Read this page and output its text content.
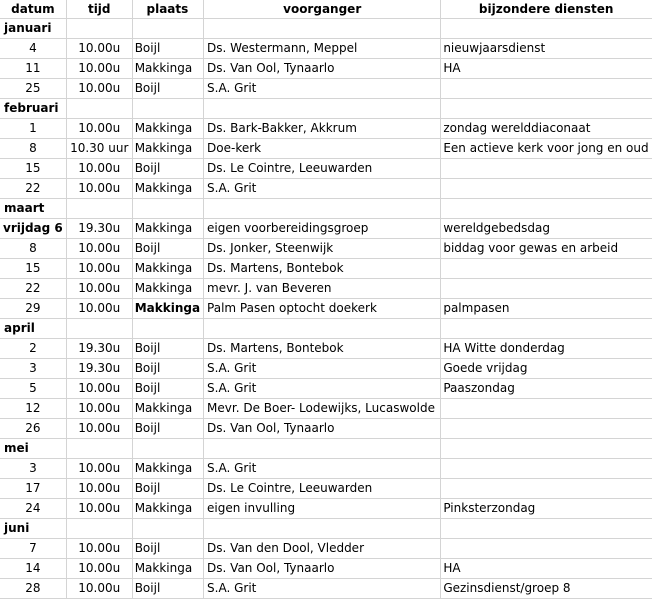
datum	tijd	plaats	voorganger	bijzondere diensten
januari				
4	10.00u	Boijl	Ds. Westermann, Meppel	nieuwjaarsdienst
11	10.00u	Makkinga	Ds. Van Ool, Tynaarlo	HA
25	10.00u	Boijl	S.A. Grit	
februari				
1	10.00u	Makkinga	Ds. Bark-Bakker, Akkrum	zondag werelddiaconaat
8	10.30 uur	Makkinga	Doe-kerk	Een actieve kerk voor jong en oud
15	10.00u	Boijl	Ds. Le Cointre, Leeuwarden	
22	10.00u	Makkinga	S.A. Grit	
maart				
vrijdag 6	19.30u	Makkinga	eigen voorbereidingsgroep	wereldgebedsdag
8	10.00u	Boijl	Ds. Jonker, Steenwijk	biddag voor gewas en arbeid
15	10.00u	Makkinga	Ds. Martens, Bontebok	
22	10.00u	Makkinga	mevr. J. van Beveren	
29	10.00u	Makkinga	Palm Pasen optocht doekerk	palmpasen
april				
2	19.30u	Boijl	Ds. Martens, Bontebok	HA Witte donderdag
3	19.30u	Boijl	S.A. Grit	Goede vrijdag
5	10.00u	Boijl	S.A. Grit	Paaszondag
12	10.00u	Makkinga	Mevr. De Boer- Lodewijks, Lucaswolde	
26	10.00u	Boijl	Ds. Van Ool, Tynaarlo	
mei				
3	10.00u	Makkinga	S.A. Grit	
17	10.00u	Boijl	Ds. Le Cointre, Leeuwarden	
24	10.00u	Makkinga	eigen invulling	Pinksterzondag
juni				
7	10.00u	Boijl	Ds. Van den Dool, Vledder	
14	10.00u	Makkinga	Ds. Van Ool, Tynaarlo	HA
28	10.00u	Boijl	S.A. Grit	Gezinsdienst/groep 8
